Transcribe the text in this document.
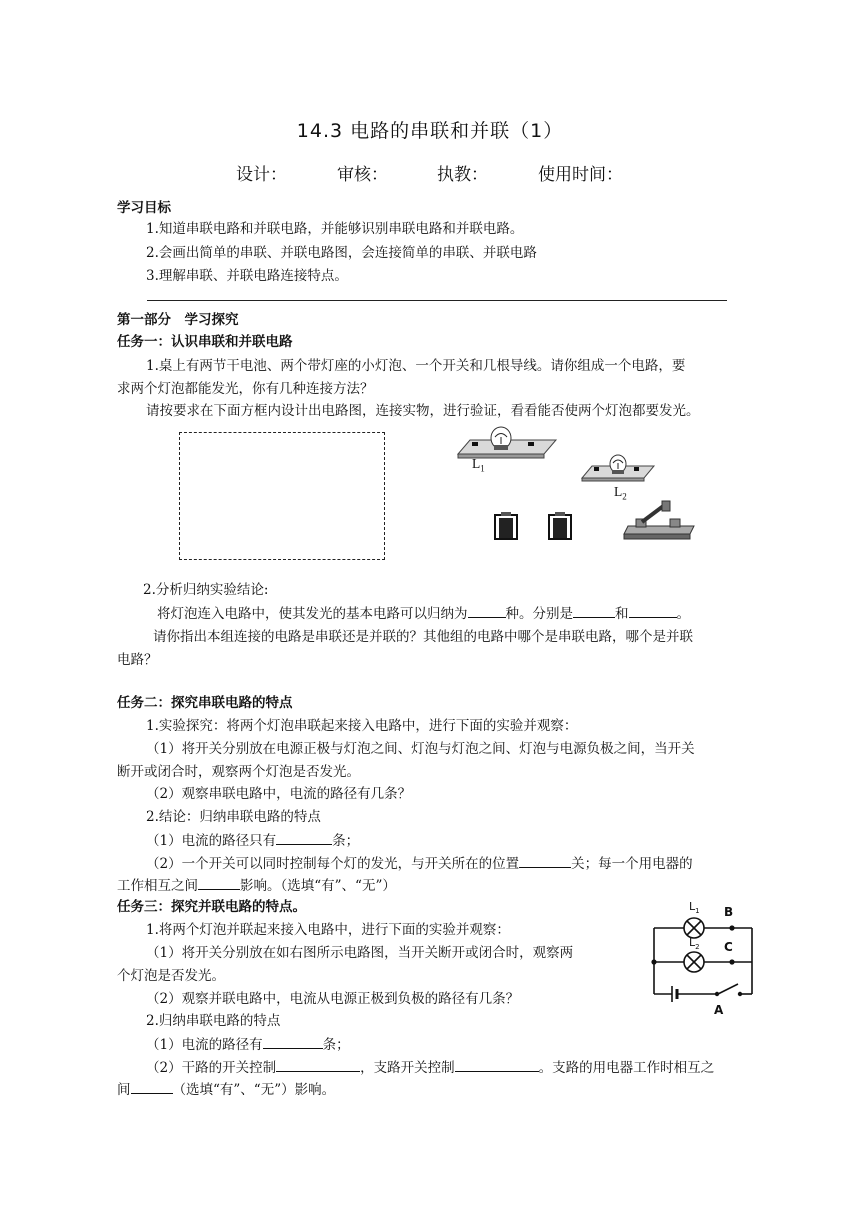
14.3 电路的串联和并联（1）
设计：	审核：	执教：	使用时间：
学习目标
1.知道串联电路和并联电路，并能够识别串联电路和并联电路。
2.会画出简单的串联、并联电路图，会连接简单的串联、并联电路
3.理解串联、并联电路连接特点。
第一部分　学习探究
任务一：认识串联和并联电路
1.桌上有两节干电池、两个带灯座的小灯泡、一个开关和几根导线。请你组成一个电路，要
求两个灯泡都能发光，你有几种连接方法？
请按要求在下面方框内设计出电路图，连接实物，进行验证，看看能否使两个灯泡都要发光。
$L_1$
$L_2$
2.分析归纳实验结论:
将灯泡连入电路中，使其发光的基本电路可以归纳为	种。分别是	和	。
请你指出本组连接的电路是串联还是并联的？其他组的电路中哪个是串联电路，哪个是并联
电路？
任务二：探究串联电路的特点
1.实验探究：将两个灯泡串联起来接入电路中，进行下面的实验并观察：
（1）将开关分别放在电源正极与灯泡之间、灯泡与灯泡之间、灯泡与电源负极之间，当开关
断开或闭合时，观察两个灯泡是否发光。
（2）观察串联电路中，电流的路径有几条？
2.结论：归纳串联电路的特点
（1）电流的路径只有	条；
（2）一个开关可以同时控制每个灯的发光，与开关所在的位置	关；每一个用电器的
工作相互之间	影响。（选填“有”、“无”）
任务三：探究并联电路的特点。
1.将两个灯泡并联起来接入电路中，进行下面的实验并观察：
（1）将开关分别放在如右图所示电路图，当开关断开或闭合时，观察两
个灯泡是否发光。
（2）观察并联电路中，电流从电源正极到负极的路径有几条？
2.归纳串联电路的特点
（1）电流的路径有	条；
（2）干路的开关控制	，支路开关控制	。支路的用电器工作时相互之
间	（选填“有”、“无”）影响。
$L_1$
$L_2$
B
C
A
